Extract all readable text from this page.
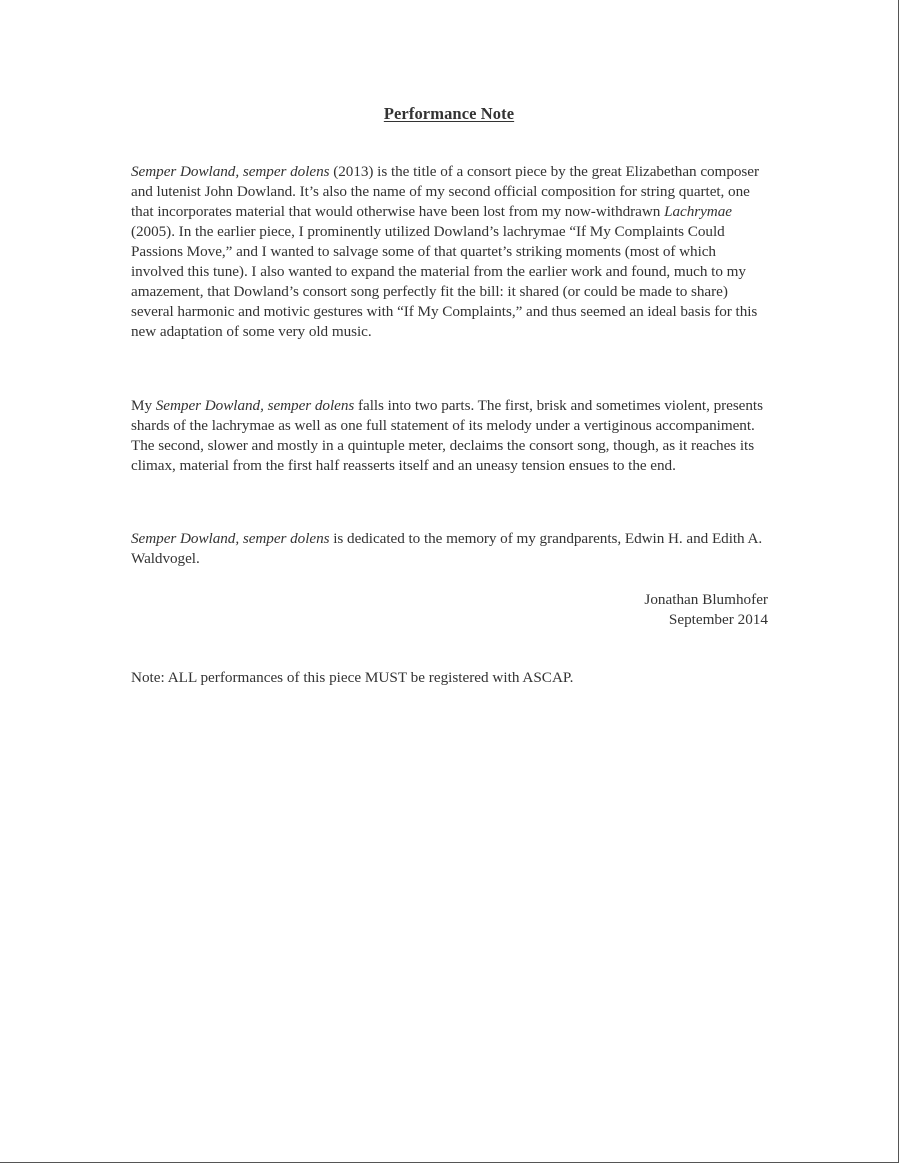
Performance Note

Semper Dowland, semper dolens (2013) is the title of a consort piece by the great Elizabethan composer and lutenist John Dowland. It’s also the name of my second official composition for string quartet, one that incorporates material that would otherwise have been lost from my now-withdrawn Lachrymae (2005). In the earlier piece, I prominently utilized Dowland’s lachrymae “If My Complaints Could Passions Move,” and I wanted to salvage some of that quartet’s striking moments (most of which involved this tune). I also wanted to expand the material from the earlier work and found, much to my amazement, that Dowland’s consort song perfectly fit the bill: it shared (or could be made to share) several harmonic and motivic gestures with “If My Complaints,” and thus seemed an ideal basis for this new adaptation of some very old music.

My Semper Dowland, semper dolens falls into two parts. The first, brisk and sometimes violent, presents shards of the lachrymae as well as one full statement of its melody under a vertiginous accompaniment. The second, slower and mostly in a quintuple meter, declaims the consort song, though, as it reaches its climax, material from the first half reasserts itself and an uneasy tension ensues to the end.

Semper Dowland, semper dolens is dedicated to the memory of my grandparents, Edwin H. and Edith A. Waldvogel.

Jonathan Blumhofer
September 2014
Note: ALL performances of this piece MUST be registered with ASCAP.
